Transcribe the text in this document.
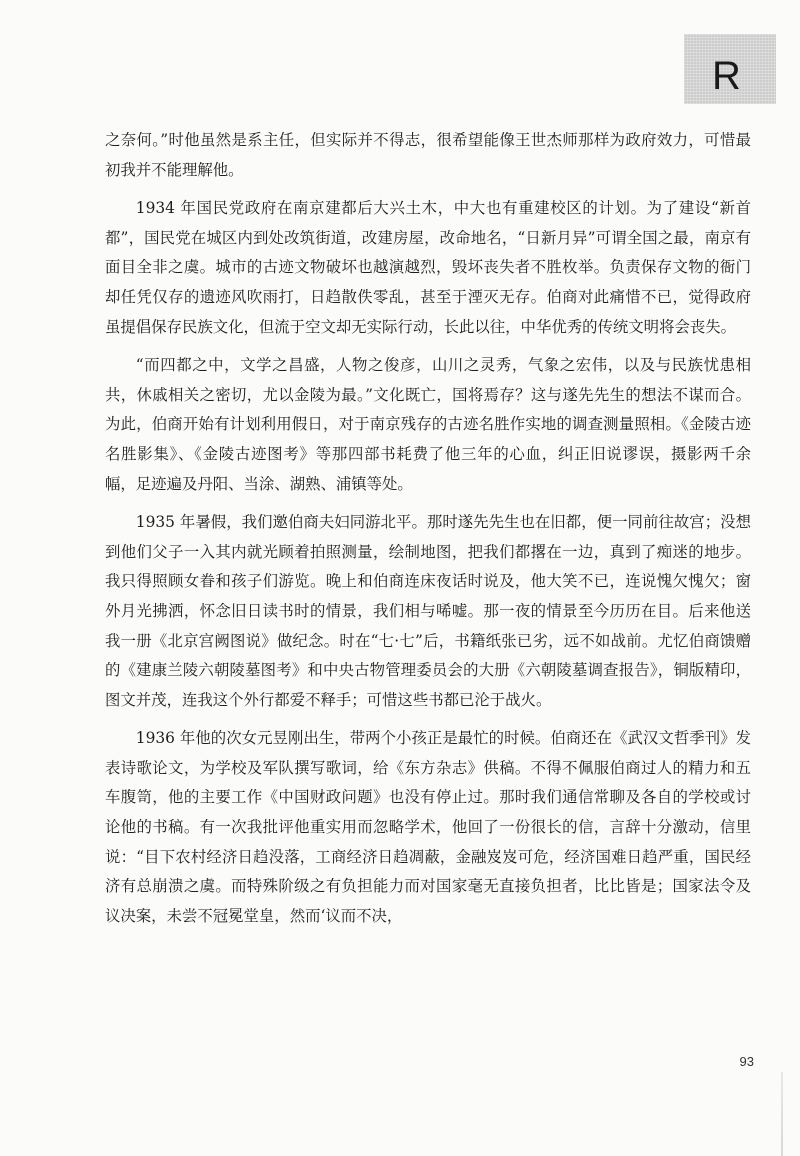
R

之奈何。”时他虽然是系主任，但实际并不得志，很希望能像王世杰师那样为政府效力，可惜最初我并不能理解他。

1934 年国民党政府在南京建都后大兴土木，中大也有重建校区的计划。为了建设“新首都”，国民党在城区内到处改筑街道，改建房屋，改命地名，“日新月异”可谓全国之最，南京有面目全非之虞。城市的古迹文物破坏也越演越烈，毁坏丧失者不胜枚举。负责保存文物的衙门却任凭仅存的遗迹风吹雨打，日趋散佚零乱，甚至于湮灭无存。伯商对此痛惜不已，觉得政府虽提倡保存民族文化，但流于空文却无实际行动，长此以往，中华优秀的传统文明将会丧失。

“而四都之中，文学之昌盛，人物之俊彦，山川之灵秀，气象之宏伟，以及与民族忧患相共，休戚相关之密切，尤以金陵为最。”文化既亡，国将焉存？这与遂先先生的想法不谋而合。为此，伯商开始有计划利用假日，对于南京残存的古迹名胜作实地的调查测量照相。《金陵古迹名胜影集》、《金陵古迹图考》等那四部书耗费了他三年的心血，纠正旧说谬误，摄影两千余幅，足迹遍及丹阳、当涂、湖熟、浦镇等处。

1935 年暑假，我们邀伯商夫妇同游北平。那时遂先先生也在旧都，便一同前往故宫；没想到他们父子一入其内就光顾着拍照测量，绘制地图，把我们都撂在一边，真到了痴迷的地步。我只得照顾女眷和孩子们游览。晚上和伯商连床夜话时说及，他大笑不已，连说愧欠愧欠；窗外月光拂洒，怀念旧日读书时的情景，我们相与唏嘘。那一夜的情景至今历历在目。后来他送我一册《北京宫阙图说》做纪念。时在“七·七”后，书籍纸张已劣，远不如战前。尤忆伯商馈赠的《建康兰陵六朝陵墓图考》和中央古物管理委员会的大册《六朝陵墓调查报告》，铜版精印，图文并茂，连我这个外行都爱不释手；可惜这些书都已沦于战火。

1936 年他的次女元昱刚出生，带两个小孩正是最忙的时候。伯商还在《武汉文哲季刊》发表诗歌论文，为学校及军队撰写歌词，给《东方杂志》供稿。不得不佩服伯商过人的精力和五车腹笥，他的主要工作《中国财政问题》也没有停止过。那时我们通信常聊及各自的学校或讨论他的书稿。有一次我批评他重实用而忽略学术，他回了一份很长的信，言辞十分激动，信里说：“目下农村经济日趋没落，工商经济日趋凋蔽，金融岌岌可危，经济国难日趋严重，国民经济有总崩溃之虞。而特殊阶级之有负担能力而对国家毫无直接负担者，比比皆是；国家法令及议决案，未尝不冠冕堂皇，然而‘议而不决，

93
